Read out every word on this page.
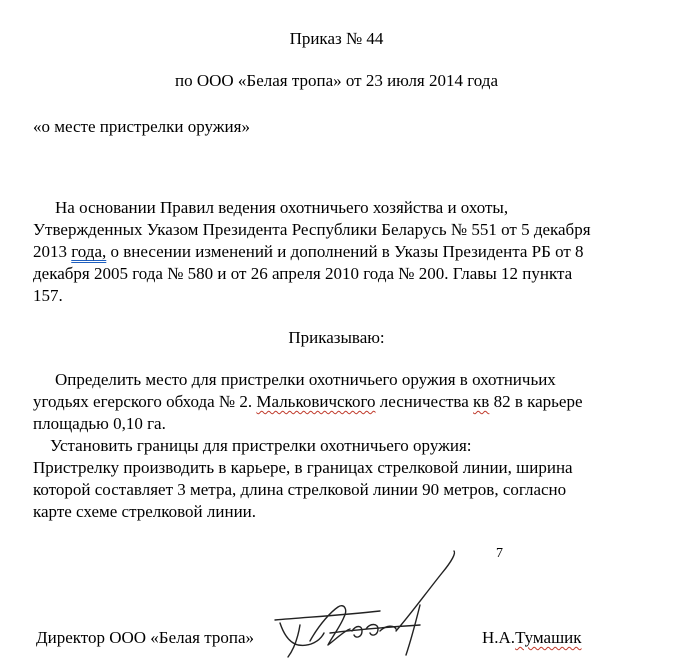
Приказ № 44
по ООО «Белая тропа» от 23 июля 2014 года
«о месте пристрелки оружия»
На основании Правил ведения охотничьего хозяйства и охоты,
Утвержденных Указом Президента Республики Беларусь № 551 от 5 декабря
2013 года, о внесении изменений и дополнений в Указы Президента РБ от 8
декабря 2005 года № 580 и от 26 апреля 2010 года № 200. Главы 12 пункта
157.
Приказываю:
Определить место для пристрелки охотничьего оружия в охотничьих
угодьях егерского обхода № 2. Мальковичского лесничества кв 82 в карьере
площадью 0,10 га.
Установить границы для пристрелки охотничьего оружия:
Пристрелку производить в карьере, в границах стрелковой линии, ширина
которой составляет 3 метра, длина стрелковой линии 90 метров, согласно
карте схеме стрелковой линии.
7
Директор ООО «Белая тропа»	Н.А.Тумашик
